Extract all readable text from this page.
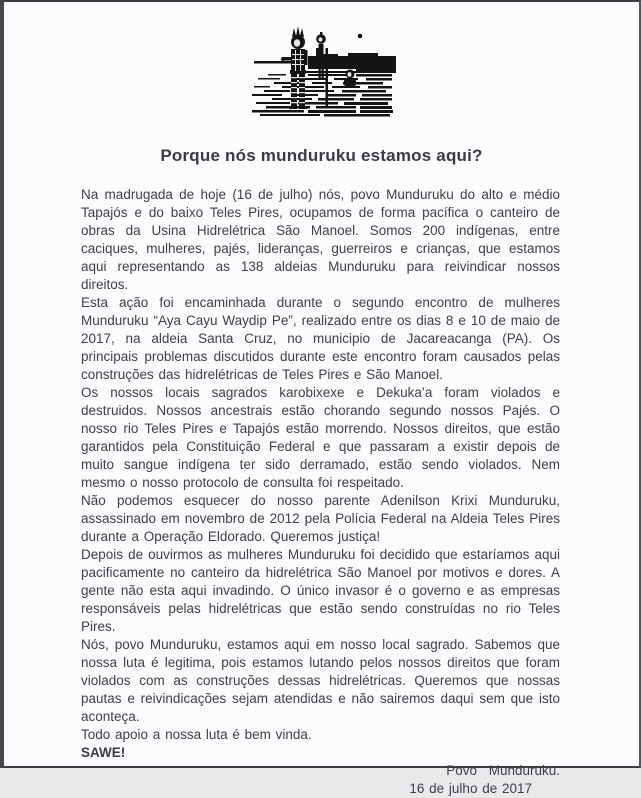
Porque nós munduruku estamos aqui?

Na madrugada de hoje (16 de julho) nós, povo Munduruku do alto e médio Tapajós e do baixo Teles Pires, ocupamos de forma pacífica o canteiro de obras da Usina Hidrelétrica São Manoel. Somos 200 indígenas, entre caciques, mulheres, pajés, lideranças, guerreiros e crianças, que estamos aqui representando as 138 aldeias Munduruku para reivindicar nossos direitos.

Esta ação foi encaminhada durante o segundo encontro de mulheres Munduruku “Aya Cayu Waydip Pe”, realizado entre os dias 8 e 10 de maio de 2017, na aldeia Santa Cruz, no municipio de Jacareacanga (PA). Os principais problemas discutidos durante este encontro foram causados pelas construções das hidrelétricas de Teles Pires e São Manoel.

Os nossos locais sagrados karobixexe e Dekuka’a foram violados e destruidos. Nossos ancestrais estão chorando segundo nossos Pajés. O nosso rio Teles Pires e Tapajós estão morrendo. Nossos direitos, que estão garantidos pela Constituição Federal e que passaram a existir depois de muito sangue indígena ter sido derramado, estão sendo violados. Nem mesmo o nosso protocolo de consulta foi respeitado.

Não podemos esquecer do nosso parente Adenilson Krixi Munduruku, assassinado em novembro de 2012 pela Polícia Federal na Aldeia Teles Pires durante a Operação Eldorado. Queremos justiça!

Depois de ouvirmos as mulheres Munduruku foi decidido que estaríamos aqui pacificamente no canteiro da hidrelétrica São Manoel por motivos e dores. A gente não esta aqui invadindo. O único invasor é o governo e as empresas responsáveis pelas hidrelétricas que estão sendo construídas no rio Teles Pires.

Nós, povo Munduruku, estamos aqui em nosso local sagrado. Sabemos que nossa luta é legitima, pois estamos lutando pelos nossos direitos que foram violados com as construções dessas hidrelétricas. Queremos que nossas pautas e reivindicações sejam atendidas e não sairemos daqui sem que isto aconteça.

Todo apoio a nossa luta é bem vinda.

SAWE!

Povo Munduruku.

16 de julho de 2017
